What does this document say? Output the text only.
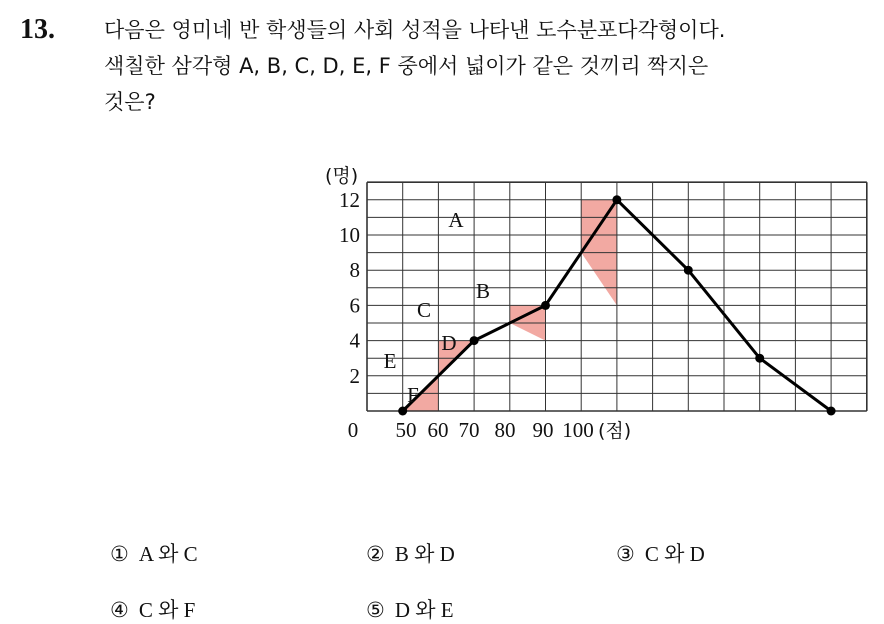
13. 다음은 영미네 반 학생들의 사회 성적을 나타낸 도수분포다각형이다.
색칠한 삼각형 A, B, C, D, E, F 중에서 넓이가 같은 것끼리 짝지은
것은?
2
4
6
8
10
12
0 50 60 70 80 90 100 (점)
(명)
A
B
C
D
E
F
① A 와 C	② B 와 D	③ C 와 D
④ C 와 F	⑤ D 와 E
